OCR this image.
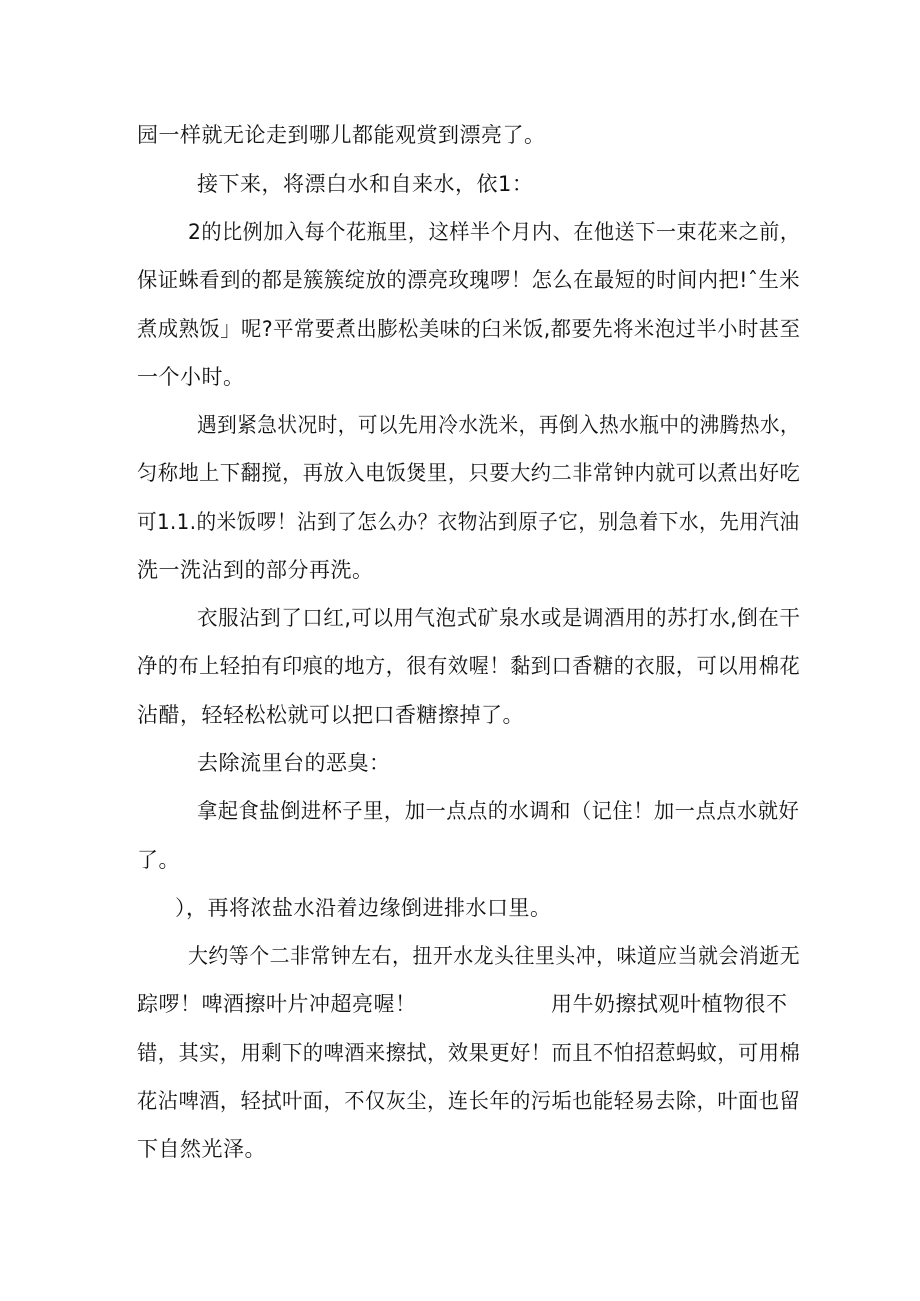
园一样就无论走到哪儿都能观赏到漂亮了。
接下来，将漂白水和自来水，依1：
2的比例加入每个花瓶里，这样半个月内、在他送下一束花来之前，
保证蛛看到的都是簇簇绽放的漂亮玫瑰啰！怎么在最短的时间内把!ˆ生米
煮成熟饭」呢?平常要煮出膨松美味的臼米饭,都要先将米泡过半小时甚至
一个小时。
遇到紧急状况时，可以先用冷水洗米，再倒入热水瓶中的沸腾热水，
匀称地上下翻搅，再放入电饭煲里，只要大约二非常钟内就可以煮出好吃
可1.1.的米饭啰！沾到了怎么办？衣物沾到原子它，别急着下水，先用汽油
洗一洗沾到的部分再洗。
衣服沾到了口红,可以用气泡式矿泉水或是调酒用的苏打水,倒在干
净的布上轻拍有印痕的地方，很有效喔！黏到口香糖的衣服，可以用棉花
沾醋，轻轻松松就可以把口香糖擦掉了。
去除流里台的恶臭：
拿起食盐倒进杯子里，加一点点的水调和（记住！加一点点水就好
了。
），再将浓盐水沿着边缘倒进排水口里。
大约等个二非常钟左右，扭开水龙头往里头冲，味道应当就会消逝无
踪啰！啤酒擦叶片冲超亮喔！	用牛奶擦拭观叶植物很不
错，其实，用剩下的啤酒来擦拭，效果更好！而且不怕招惹蚂蚊，可用棉
花沾啤酒，轻拭叶面，不仅灰尘，连长年的污垢也能轻易去除，叶面也留
下自然光泽。
